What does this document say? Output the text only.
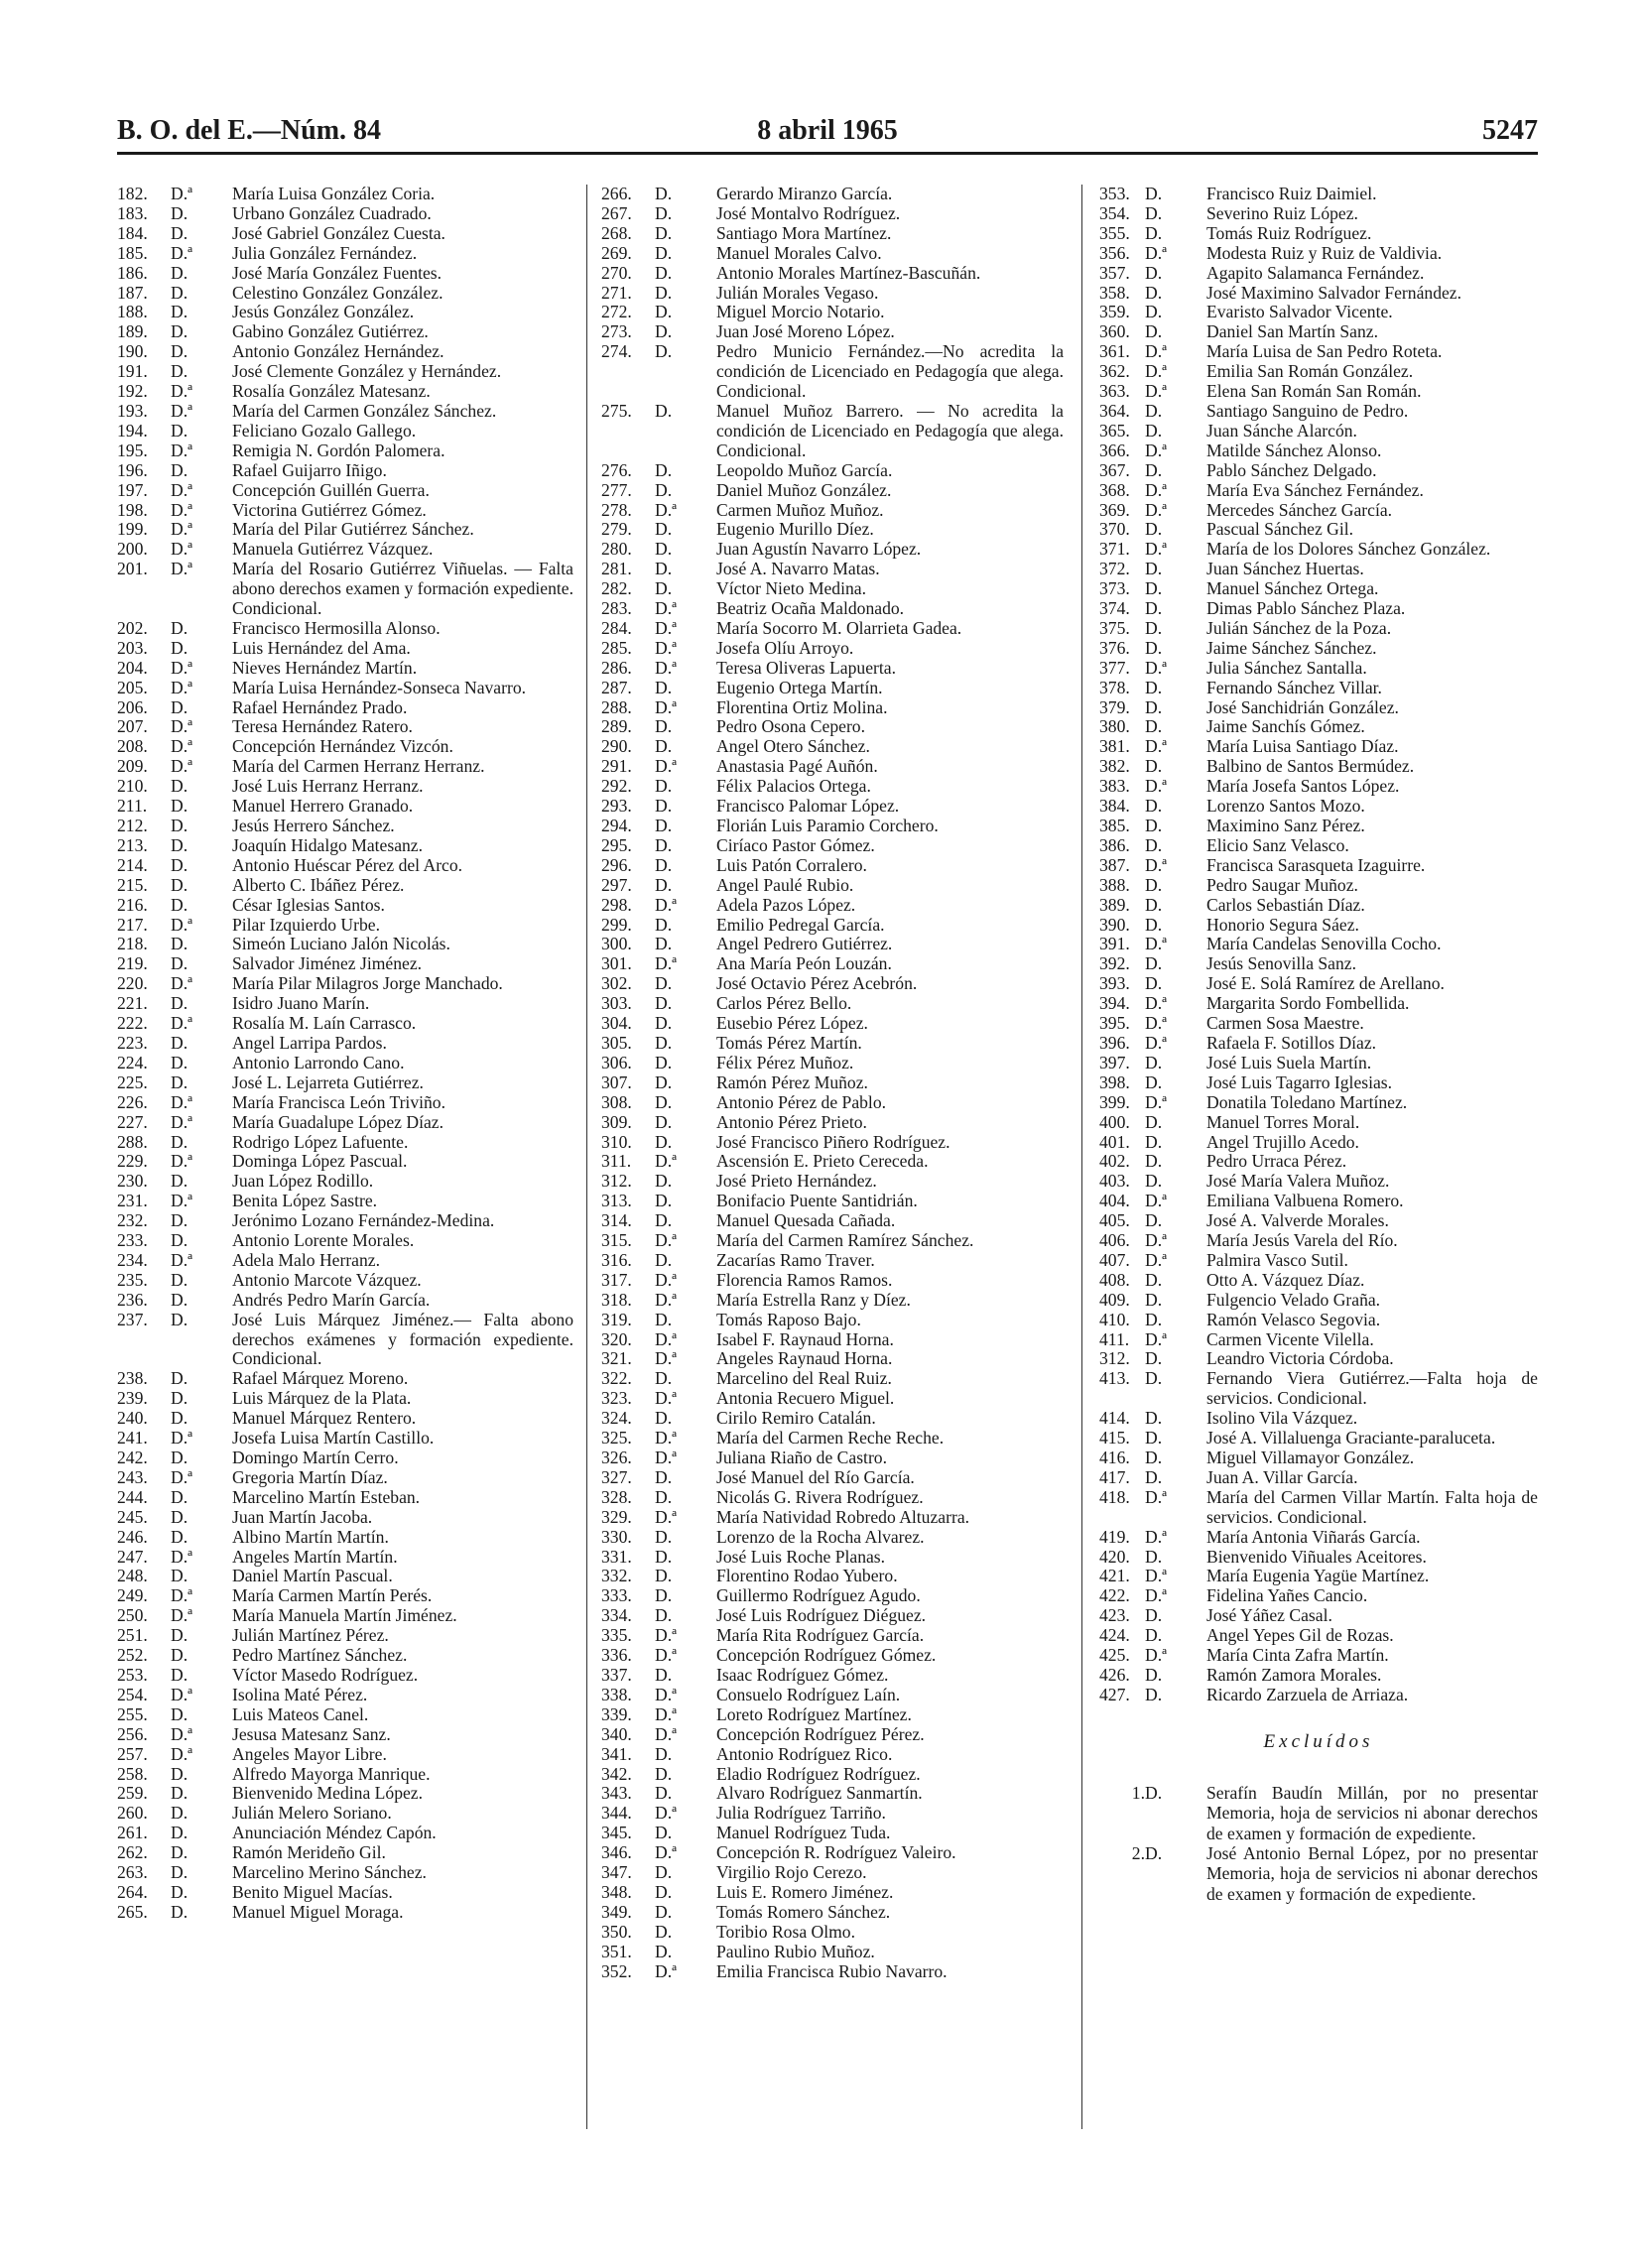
B. O. del E.—Núm. 84	8 abril 1965	5247
182.	D.ª	María Luisa González Coria.
183.	D.	Urbano González Cuadrado.
184.	D.	José Gabriel González Cuesta.
185.	D.ª	Julia González Fernández.
186.	D.	José María González Fuentes.
187.	D.	Celestino González González.
188.	D.	Jesús González González.
189.	D.	Gabino González Gutiérrez.
190.	D.	Antonio González Hernández.
191.	D.	José Clemente González y Hernández.
192.	D.ª	Rosalía González Matesanz.
193.	D.ª	María del Carmen González Sánchez.
194.	D.	Feliciano Gozalo Gallego.
195.	D.ª	Remigia N. Gordón Palomera.
196.	D.	Rafael Guijarro Iñigo.
197.	D.ª	Concepción Guillén Guerra.
198.	D.ª	Victorina Gutiérrez Gómez.
199.	D.ª	María del Pilar Gutiérrez Sánchez.
200.	D.ª	Manuela Gutiérrez Vázquez.
201.	D.ª	María del Rosario Gutiérrez Viñuelas. — Falta abono derechos examen y formación expediente. Condicional.
202.	D.	Francisco Hermosilla Alonso.
203.	D.	Luis Hernández del Ama.
204.	D.ª	Nieves Hernández Martín.
205.	D.ª	María Luisa Hernández-Sonseca Navarro.
206.	D.	Rafael Hernández Prado.
207.	D.ª	Teresa Hernández Ratero.
208.	D.ª	Concepción Hernández Vizcón.
209.	D.ª	María del Carmen Herranz Herranz.
210.	D.	José Luis Herranz Herranz.
211.	D.	Manuel Herrero Granado.
212.	D.	Jesús Herrero Sánchez.
213.	D.	Joaquín Hidalgo Matesanz.
214.	D.	Antonio Huéscar Pérez del Arco.
215.	D.	Alberto C. Ibáñez Pérez.
216.	D.	César Iglesias Santos.
217.	D.ª	Pilar Izquierdo Urbe.
218.	D.	Simeón Luciano Jalón Nicolás.
219.	D.	Salvador Jiménez Jiménez.
220.	D.ª	María Pilar Milagros Jorge Manchado.
221.	D.	Isidro Juano Marín.
222.	D.ª	Rosalía M. Laín Carrasco.
223.	D.	Angel Larripa Pardos.
224.	D.	Antonio Larrondo Cano.
225.	D.	José L. Lejarreta Gutiérrez.
226.	D.ª	María Francisca León Triviño.
227.	D.ª	María Guadalupe López Díaz.
288.	D.	Rodrigo López Lafuente.
229.	D.ª	Dominga López Pascual.
230.	D.	Juan López Rodillo.
231.	D.ª	Benita López Sastre.
232.	D.	Jerónimo Lozano Fernández-Medina.
233.	D.	Antonio Lorente Morales.
234.	D.ª	Adela Malo Herranz.
235.	D.	Antonio Marcote Vázquez.
236.	D.	Andrés Pedro Marín García.
237.	D.	José Luis Márquez Jiménez.— Falta abono derechos exámenes y formación expediente. Condicional.
238.	D.	Rafael Márquez Moreno.
239.	D.	Luis Márquez de la Plata.
240.	D.	Manuel Márquez Rentero.
241.	D.ª	Josefa Luisa Martín Castillo.
242.	D.	Domingo Martín Cerro.
243.	D.ª	Gregoria Martín Díaz.
244.	D.	Marcelino Martín Esteban.
245.	D.	Juan Martín Jacoba.
246.	D.	Albino Martín Martín.
247.	D.ª	Angeles Martín Martín.
248.	D.	Daniel Martín Pascual.
249.	D.ª	María Carmen Martín Perés.
250.	D.ª	María Manuela Martín Jiménez.
251.	D.	Julián Martínez Pérez.
252.	D.	Pedro Martínez Sánchez.
253.	D.	Víctor Masedo Rodríguez.
254.	D.ª	Isolina Maté Pérez.
255.	D.	Luis Mateos Canel.
256.	D.ª	Jesusa Matesanz Sanz.
257.	D.ª	Angeles Mayor Libre.
258.	D.	Alfredo Mayorga Manrique.
259.	D.	Bienvenido Medina López.
260.	D.	Julián Melero Soriano.
261.	D.	Anunciación Méndez Capón.
262.	D.	Ramón Merideño Gil.
263.	D.	Marcelino Merino Sánchez.
264.	D.	Benito Miguel Macías.
265.	D.	Manuel Miguel Moraga.
266.	D.	Gerardo Miranzo García.
267.	D.	José Montalvo Rodríguez.
268.	D.	Santiago Mora Martínez.
269.	D.	Manuel Morales Calvo.
270.	D.	Antonio Morales Martínez-Bascuñán.
271.	D.	Julián Morales Vegaso.
272.	D.	Miguel Morcio Notario.
273.	D.	Juan José Moreno López.
274.	D.	Pedro Municio Fernández.—No acredita la condición de Licenciado en Pedagogía que alega. Condicional.
275.	D.	Manuel Muñoz Barrero. — No acredita la condición de Licenciado en Pedagogía que alega. Condicional.
276.	D.	Leopoldo Muñoz García.
277.	D.	Daniel Muñoz González.
278.	D.ª	Carmen Muñoz Muñoz.
279.	D.	Eugenio Murillo Díez.
280.	D.	Juan Agustín Navarro López.
281.	D.	José A. Navarro Matas.
282.	D.	Víctor Nieto Medina.
283.	D.ª	Beatriz Ocaña Maldonado.
284.	D.ª	María Socorro M. Olarrieta Gadea.
285.	D.ª	Josefa Olíu Arroyo.
286.	D.ª	Teresa Oliveras Lapuerta.
287.	D.	Eugenio Ortega Martín.
288.	D.ª	Florentina Ortiz Molina.
289.	D.	Pedro Osona Cepero.
290.	D.	Angel Otero Sánchez.
291.	D.ª	Anastasia Pagé Auñón.
292.	D.	Félix Palacios Ortega.
293.	D.	Francisco Palomar López.
294.	D.	Florián Luis Paramio Corchero.
295.	D.	Ciríaco Pastor Gómez.
296.	D.	Luis Patón Corralero.
297.	D.	Angel Paulé Rubio.
298.	D.ª	Adela Pazos López.
299.	D.	Emilio Pedregal García.
300.	D.	Angel Pedrero Gutiérrez.
301.	D.ª	Ana María Peón Louzán.
302.	D.	José Octavio Pérez Acebrón.
303.	D.	Carlos Pérez Bello.
304.	D.	Eusebio Pérez López.
305.	D.	Tomás Pérez Martín.
306.	D.	Félix Pérez Muñoz.
307.	D.	Ramón Pérez Muñoz.
308.	D.	Antonio Pérez de Pablo.
309.	D.	Antonio Pérez Prieto.
310.	D.	José Francisco Piñero Rodríguez.
311.	D.ª	Ascensión E. Prieto Cereceda.
312.	D.	José Prieto Hernández.
313.	D.	Bonifacio Puente Santidrián.
314.	D.	Manuel Quesada Cañada.
315.	D.ª	María del Carmen Ramírez Sánchez.
316.	D.	Zacarías Ramo Traver.
317.	D.ª	Florencia Ramos Ramos.
318.	D.ª	María Estrella Ranz y Díez.
319.	D.	Tomás Raposo Bajo.
320.	D.ª	Isabel F. Raynaud Horna.
321.	D.ª	Angeles Raynaud Horna.
322.	D.	Marcelino del Real Ruiz.
323.	D.ª	Antonia Recuero Miguel.
324.	D.	Cirilo Remiro Catalán.
325.	D.ª	María del Carmen Reche Reche.
326.	D.ª	Juliana Riaño de Castro.
327.	D.	José Manuel del Río García.
328.	D.	Nicolás G. Rivera Rodríguez.
329.	D.ª	María Natividad Robredo Altuzarra.
330.	D.	Lorenzo de la Rocha Alvarez.
331.	D.	José Luis Roche Planas.
332.	D.	Florentino Rodao Yubero.
333.	D.	Guillermo Rodríguez Agudo.
334.	D.	José Luis Rodríguez Diéguez.
335.	D.ª	María Rita Rodríguez García.
336.	D.ª	Concepción Rodríguez Gómez.
337.	D.	Isaac Rodríguez Gómez.
338.	D.ª	Consuelo Rodríguez Laín.
339.	D.ª	Loreto Rodríguez Martínez.
340.	D.ª	Concepción Rodríguez Pérez.
341.	D.	Antonio Rodríguez Rico.
342.	D.	Eladio Rodríguez Rodríguez.
343.	D.	Alvaro Rodríguez Sanmartín.
344.	D.ª	Julia Rodríguez Tarriño.
345.	D.	Manuel Rodríguez Tuda.
346.	D.ª	Concepción R. Rodríguez Valeiro.
347.	D.	Virgilio Rojo Cerezo.
348.	D.	Luis E. Romero Jiménez.
349.	D.	Tomás Romero Sánchez.
350.	D.	Toribio Rosa Olmo.
351.	D.	Paulino Rubio Muñoz.
352.	D.ª	Emilia Francisca Rubio Navarro.
353. D.	Francisco Ruiz Daimiel.
354. D.	Severino Ruiz López.
355. D.	Tomás Ruiz Rodríguez.
356. D.ª	Modesta Ruiz y Ruiz de Valdivia.
357. D.	Agapito Salamanca Fernández.
358. D.	José Maximino Salvador Fernández.
359. D.	Evaristo Salvador Vicente.
360. D.	Daniel San Martín Sanz.
361. D.ª	María Luisa de San Pedro Roteta.
362. D.ª	Emilia San Román González.
363. D.ª	Elena San Román San Román.
364. D.	Santiago Sanguino de Pedro.
365. D.	Juan Sánche Alarcón.
366. D.ª	Matilde Sánchez Alonso.
367. D.	Pablo Sánchez Delgado.
368. D.ª	María Eva Sánchez Fernández.
369. D.ª	Mercedes Sánchez García.
370. D.	Pascual Sánchez Gil.
371. D.ª	María de los Dolores Sánchez González.
372. D.	Juan Sánchez Huertas.
373. D.	Manuel Sánchez Ortega.
374. D.	Dimas Pablo Sánchez Plaza.
375. D.	Julián Sánchez de la Poza.
376. D.	Jaime Sánchez Sánchez.
377. D.ª	Julia Sánchez Santalla.
378. D.	Fernando Sánchez Villar.
379. D.	José Sanchidrián González.
380. D.	Jaime Sanchís Gómez.
381. D.ª	María Luisa Santiago Díaz.
382. D.	Balbino de Santos Bermúdez.
383. D.ª	María Josefa Santos López.
384. D.	Lorenzo Santos Mozo.
385. D.	Maximino Sanz Pérez.
386. D.	Elicio Sanz Velasco.
387. D.ª	Francisca Sarasqueta Izaguirre.
388. D.	Pedro Saugar Muñoz.
389. D.	Carlos Sebastián Díaz.
390. D.	Honorio Segura Sáez.
391. D.ª	María Candelas Senovilla Cocho.
392. D.	Jesús Senovilla Sanz.
393. D.	José E. Solá Ramírez de Arellano.
394. D.ª	Margarita Sordo Fombellida.
395. D.ª	Carmen Sosa Maestre.
396. D.ª	Rafaela F. Sotillos Díaz.
397. D.	José Luis Suela Martín.
398. D.	José Luis Tagarro Iglesias.
399. D.ª	Donatila Toledano Martínez.
400. D.	Manuel Torres Moral.
401. D.	Angel Trujillo Acedo.
402. D.	Pedro Urraca Pérez.
403. D.	José María Valera Muñoz.
404. D.ª	Emiliana Valbuena Romero.
405. D.	José A. Valverde Morales.
406. D.ª	María Jesús Varela del Río.
407. D.ª	Palmira Vasco Sutil.
408. D.	Otto A. Vázquez Díaz.
409. D.	Fulgencio Velado Graña.
410. D.	Ramón Velasco Segovia.
411. D.ª	Carmen Vicente Vilella.
312. D.	Leandro Victoria Córdoba.
413. D.	Fernando Viera Gutiérrez.—Falta hoja de servicios. Condicional.
414. D.	Isolino Vila Vázquez.
415. D.	José A. Villaluenga Graciante-paraluceta.
416. D.	Miguel Villamayor González.
417. D.	Juan A. Villar García.
418. D.ª	María del Carmen Villar Martín. Falta hoja de servicios. Condicional.
419. D.ª	María Antonia Viñarás García.
420. D.	Bienvenido Viñuales Aceitores.
421. D.ª	María Eugenia Yagüe Martínez.
422. D.ª	Fidelina Yañes Cancio.
423. D.	José Yáñez Casal.
424. D.	Angel Yepes Gil de Rozas.
425. D.ª	María Cinta Zafra Martín.
426. D.	Ramón Zamora Morales.
427. D.	Ricardo Zarzuela de Arriaza.
Excluídos
1. D.	Serafín Baudín Millán, por no presentar Memoria, hoja de servicios ni abonar derechos de examen y formación de expediente.
2. D.	José Antonio Bernal López, por no presentar Memoria, hoja de servicios ni abonar derechos de examen y formación de expediente.
